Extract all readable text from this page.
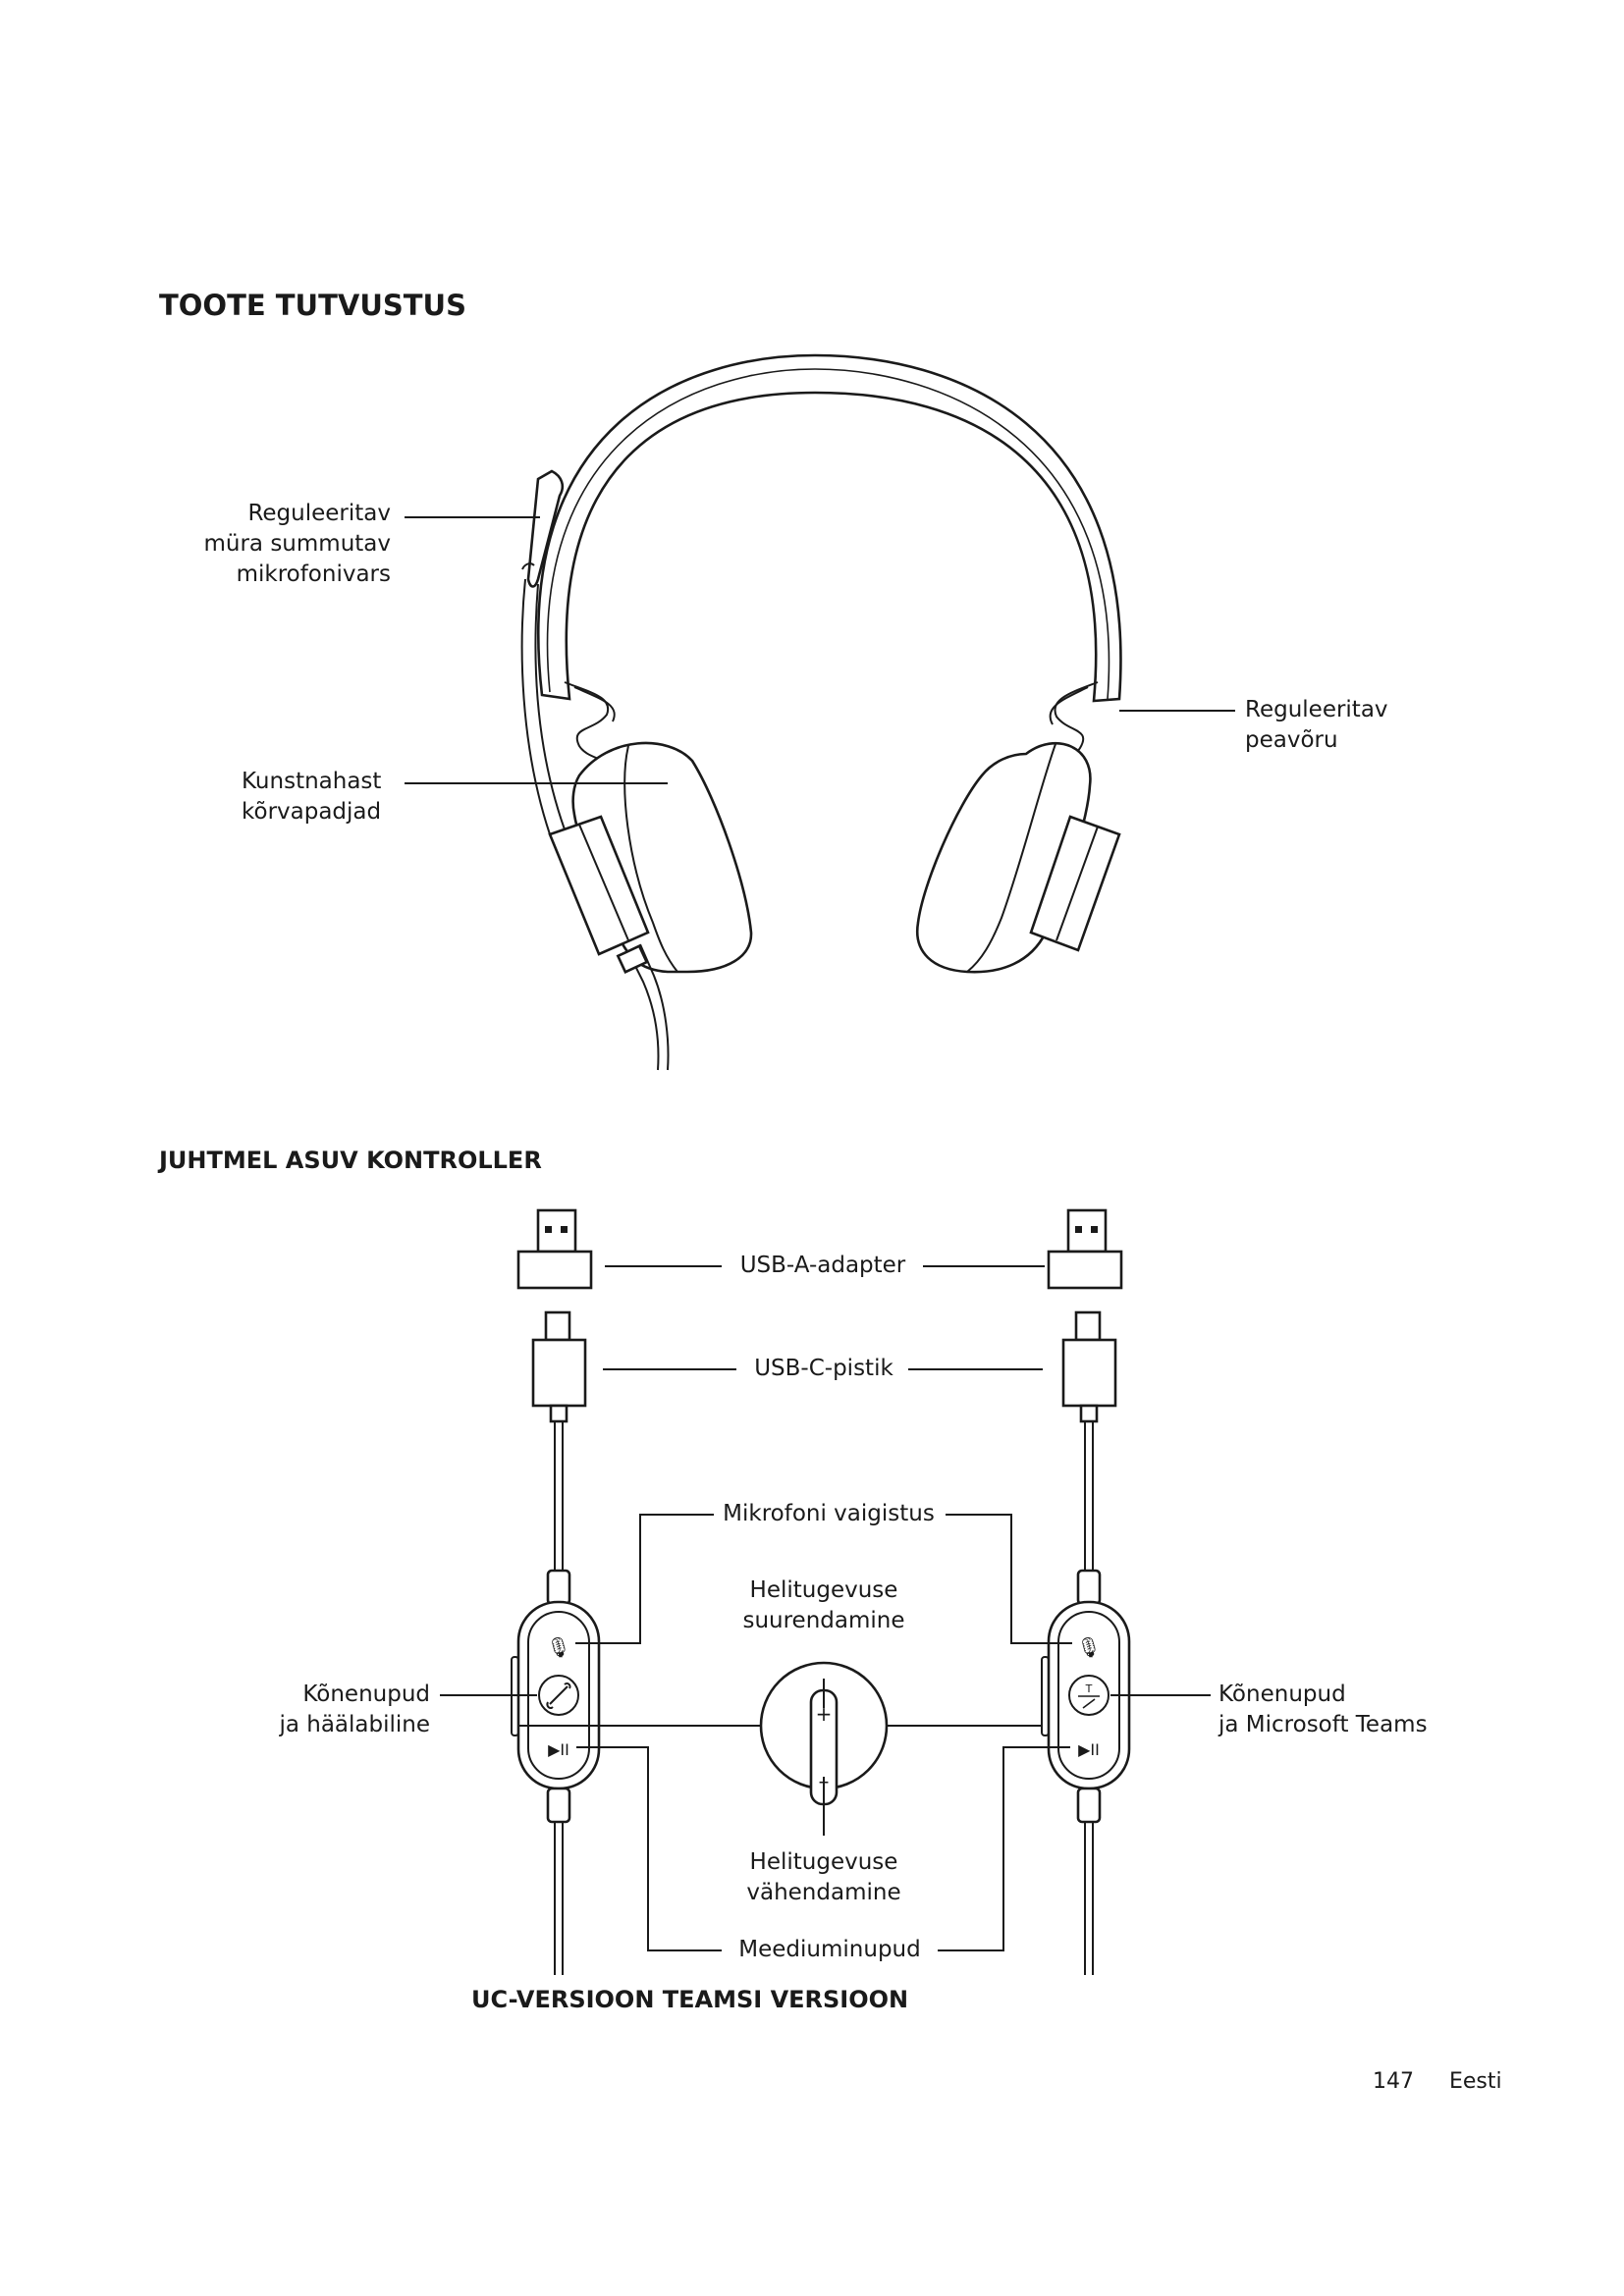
🎙
▶II
🎙
T
▶II
+
–
TOOTE TUTVUSTUS
Reguleeritav
müra summutav
mikrofonivars
Reguleeritav
peavõru
Kunstnahast
kõrvapadjad
JUHTMEL ASUV KONTROLLER
USB-A-adapter
USB-C-pistik
Mikrofoni vaigistus
Helitugevuse
suurendamine
Kõnenupud
ja häälabiline
Kõnenupud
ja Microsoft Teams
Helitugevuse
vähendamine
Meediuminupud
UC-VERSIOON TEAMSI VERSIOON
147 Eesti
